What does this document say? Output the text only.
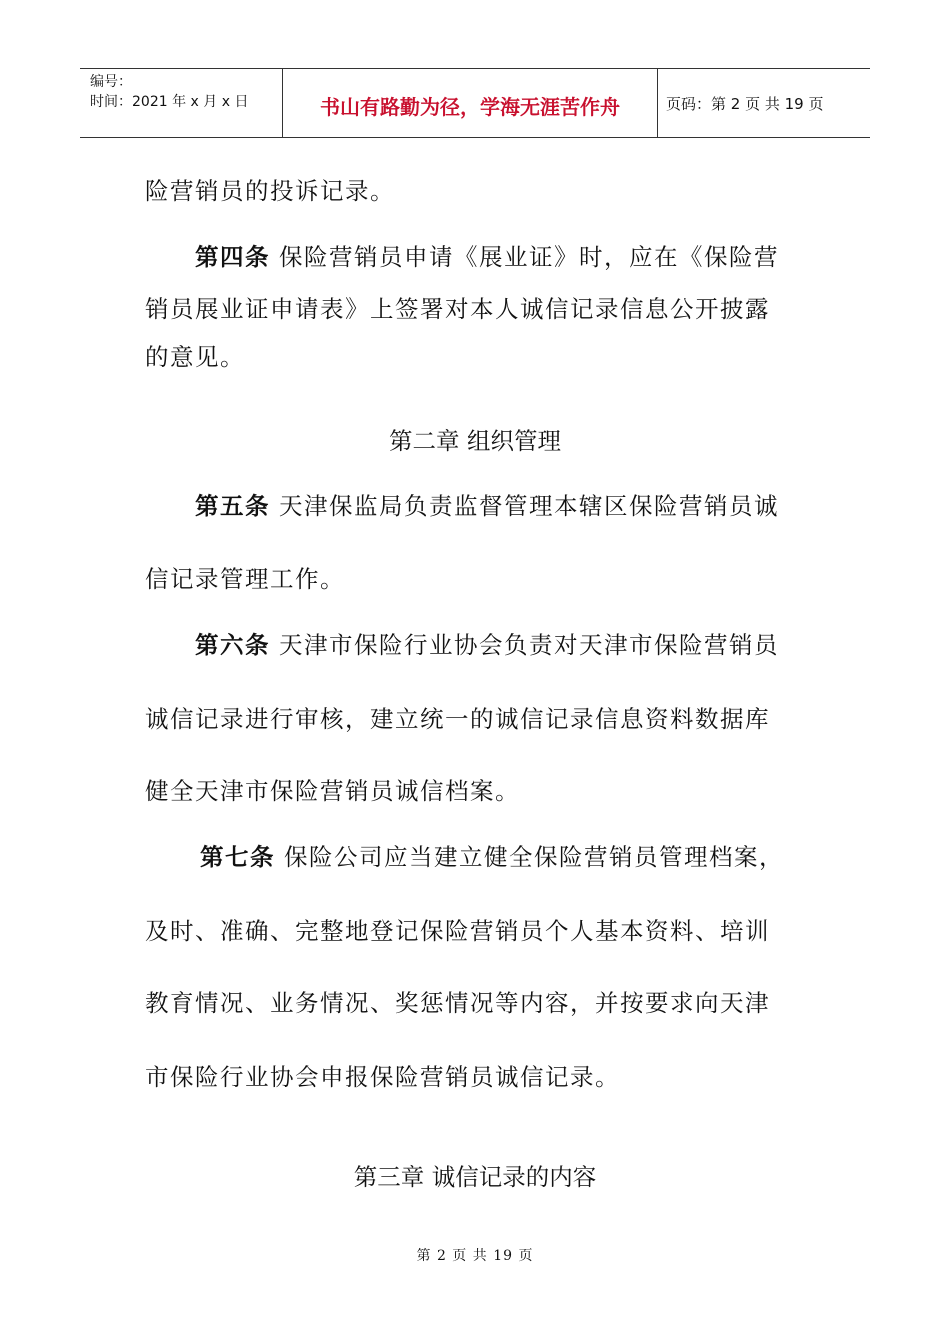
编号：
时间：2021 年 x 月 x 日	书山有路勤为径，学海无涯苦作舟	页码：第 2 页 共 19 页
险营销员的投诉记录。
第四条 保险营销员申请《展业证》时，应在《保险营
销员展业证申请表》上签署对本人诚信记录信息公开披露
的意见。
第二章 组织管理
第五条 天津保监局负责监督管理本辖区保险营销员诚
信记录管理工作。
第六条 天津市保险行业协会负责对天津市保险营销员
诚信记录进行审核，建立统一的诚信记录信息资料数据库
健全天津市保险营销员诚信档案。
第七条 保险公司应当建立健全保险营销员管理档案，
及时、准确、完整地登记保险营销员个人基本资料、培训
教育情况、业务情况、奖惩情况等内容，并按要求向天津
市保险行业协会申报保险营销员诚信记录。
第三章 诚信记录的内容
第 2 页 共 19 页
